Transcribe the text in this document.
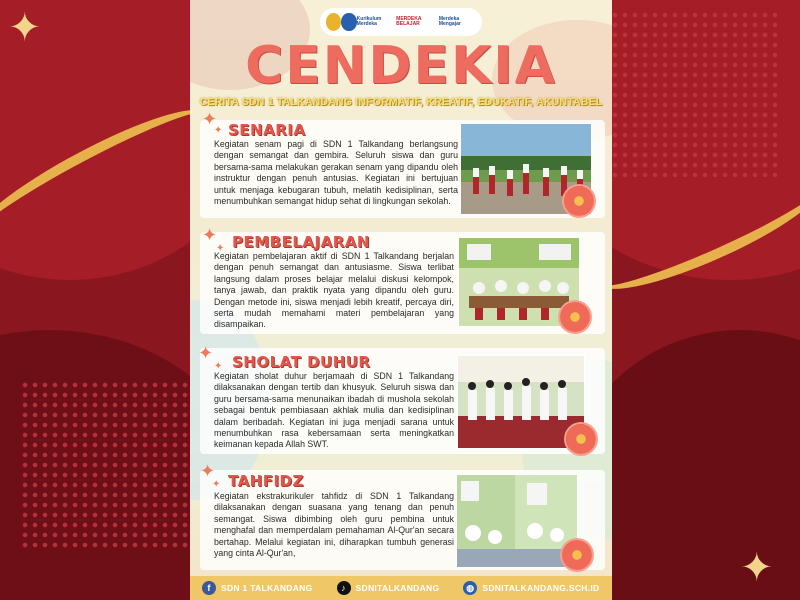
✦
✦
Kurikulum Merdeka
MERDEKA BELAJAR
Merdeka Mengajar
CENDEKIA
CERITA SDN 1 TALKANDANG INFORMATIF, KREATIF, EDUKATIF, AKUNTABEL
✦
✦ SENARIA
Kegiatan senam pagi di SDN 1 Talkandang berlangsung dengan semangat dan gembira. Seluruh siswa dan guru bersama-sama melakukan gerakan senam yang dipandu oleh instruktur dengan penuh antusias. Kegiatan ini bertujuan untuk menjaga kebugaran tubuh, melatih kedisiplinan, serta menumbuhkan semangat hidup sehat di lingkungan sekolah.
✦
✦ PEMBELAJARAN
Kegiatan pembelajaran aktif di SDN 1 Talkandang berjalan dengan penuh semangat dan antusiasme. Siswa terlibat langsung dalam proses belajar melalui diskusi kelompok, tanya jawab, dan praktik nyata yang dipandu oleh guru. Dengan metode ini, siswa menjadi lebih kreatif, percaya diri, serta mudah memahami materi pembelajaran yang disampaikan.
✦
✦ SHOLAT DUHUR
Kegiatan sholat duhur berjamaah di SDN 1 Talkandang dilaksanakan dengan tertib dan khusyuk. Seluruh siswa dan guru bersama-sama menunaikan ibadah di mushola sekolah sebagai bentuk pembiasaan akhlak mulia dan kedisiplinan dalam beribadah. Kegiatan ini juga menjadi sarana untuk menumbuhkan rasa kebersamaan serta meningkatkan keimanan kepada Allah SWT.
✦
✦ TAHFIDZ
Kegiatan ekstrakurikuler tahfidz di SDN 1 Talkandang dilaksanakan dengan suasana yang tenang dan penuh semangat. Siswa dibimbing oleh guru pembina untuk menghafal dan memperdalam pemahaman Al-Qur'an secara bertahap. Melalui kegiatan ini, diharapkan tumbuh generasi yang cinta Al-Qur'an,
f	SDN 1 TALKANDANG	♪	SDNITALKANDANG	◍ SDNITALKANDANG.SCH.ID
